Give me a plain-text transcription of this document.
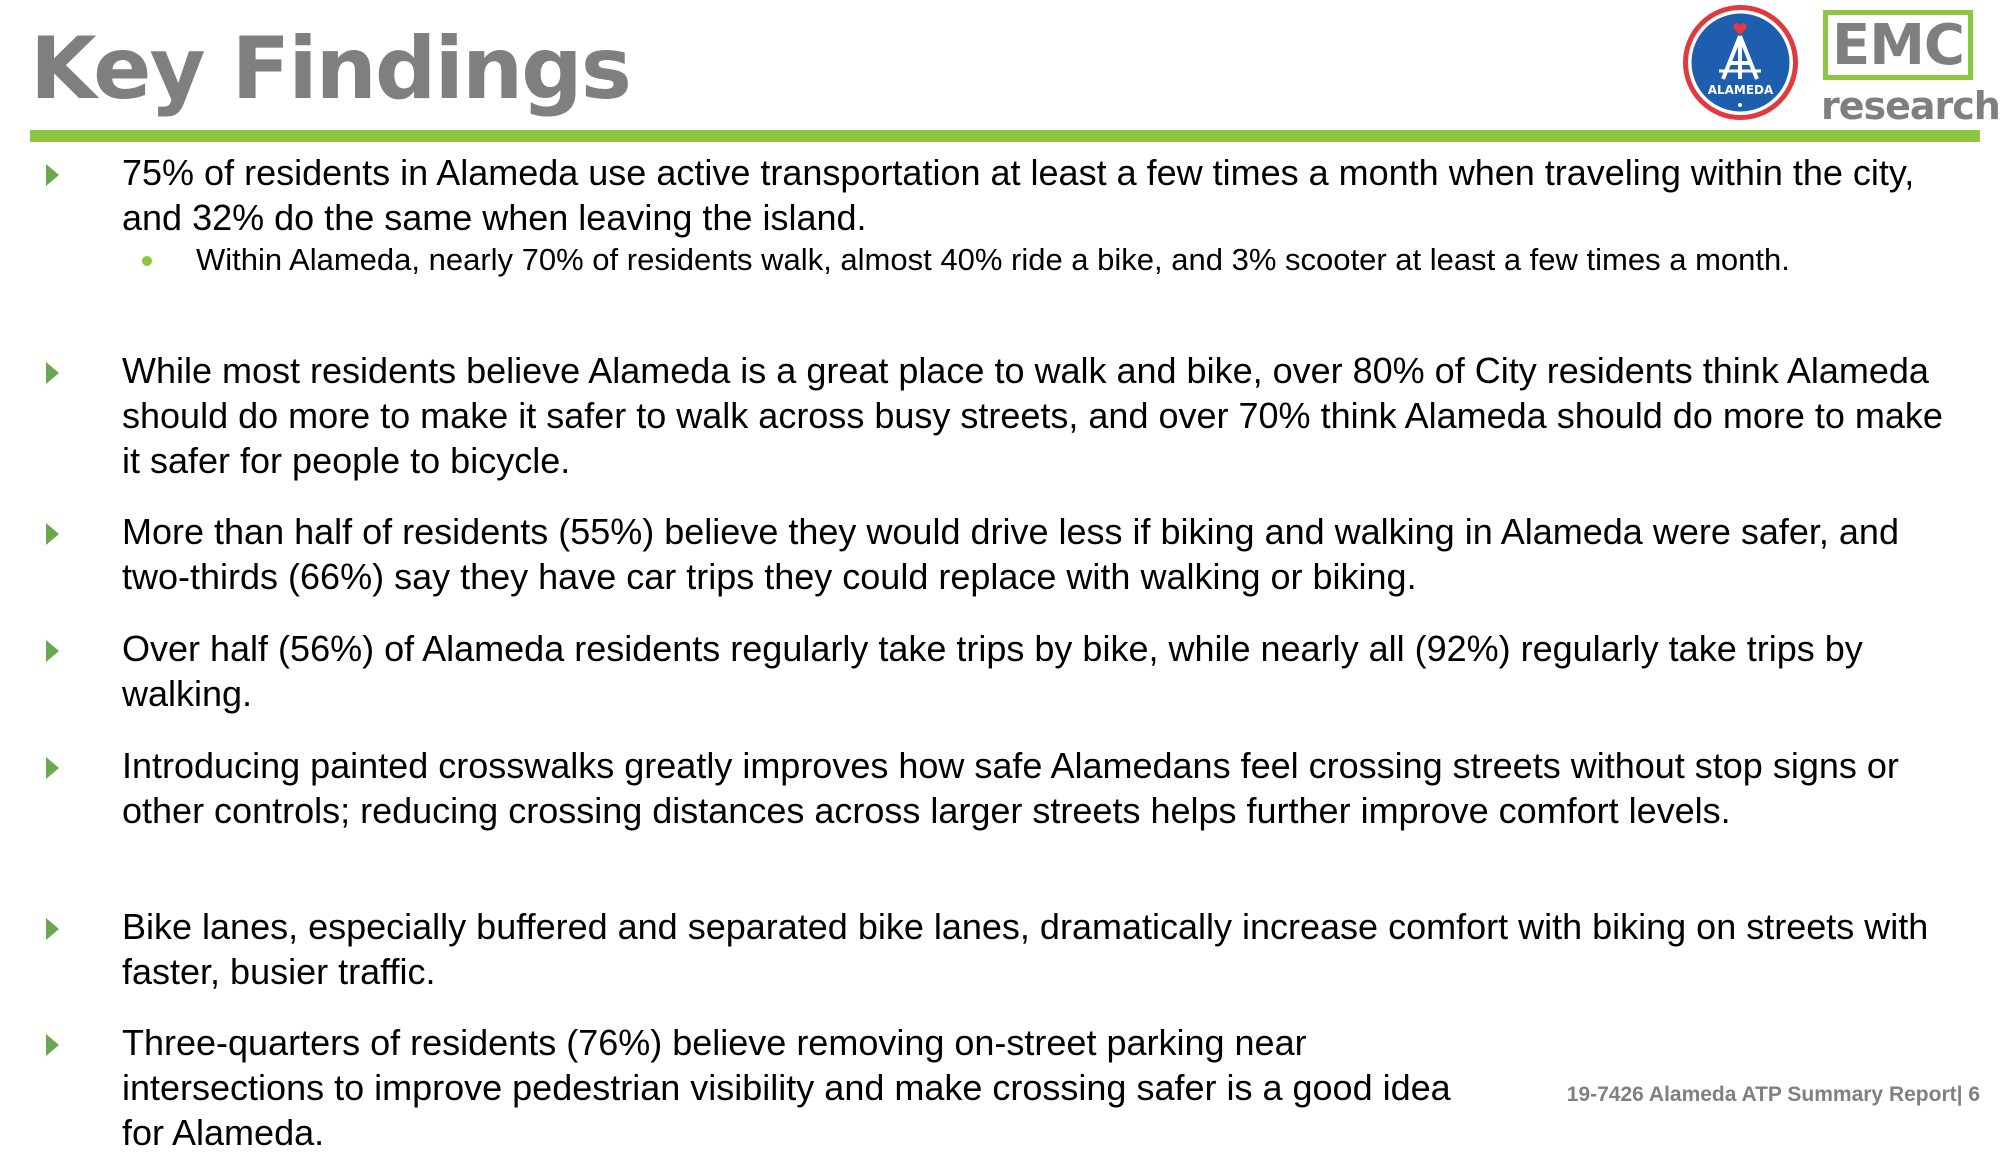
Key Findings	ALAMEDA
EMC
research
75% of residents in Alameda use active transportation at least a few times a month when traveling within the city, and 32% do the same when leaving the island.
Within Alameda, nearly 70% of residents walk, almost 40% ride a bike, and 3% scooter at least a few times a month.
While most residents believe Alameda is a great place to walk and bike, over 80% of City residents think Alameda should do more to make it safer to walk across busy streets, and over 70% think Alameda should do more to make it safer for people to bicycle.
More than half of residents (55%) believe they would drive less if biking and walking in Alameda were safer, and two-thirds (66%) say they have car trips they could replace with walking or biking.
Over half (56%) of Alameda residents regularly take trips by bike, while nearly all (92%) regularly take trips by walking.
Introducing painted crosswalks greatly improves how safe Alamedans feel crossing streets without stop signs or other controls; reducing crossing distances across larger streets helps further improve comfort levels.
Bike lanes, especially buffered and separated bike lanes, dramatically increase comfort with biking on streets with faster, busier traffic.
Three-quarters of residents (76%) believe removing on-street parking near intersections to improve pedestrian visibility and make crossing safer is a good idea for Alameda.
19-7426 Alameda ATP Summary Report| 6
